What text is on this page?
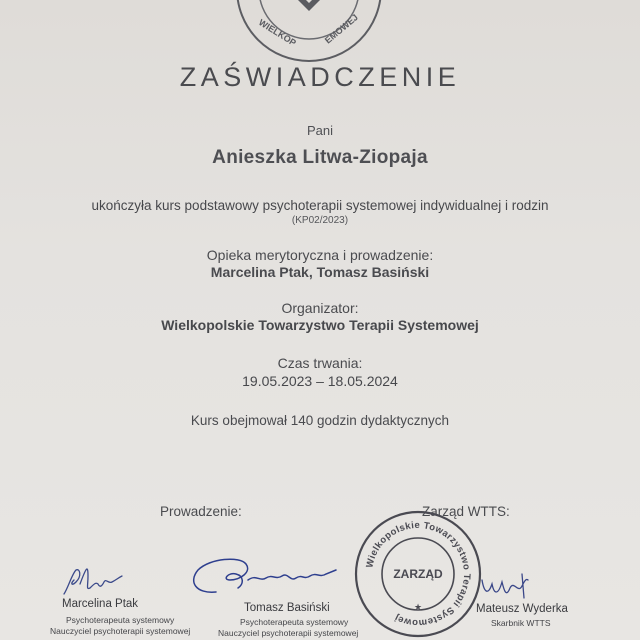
WIELKOP	EMOWEJ
ZAŚWIADCZENIE
Pani
Anieszka Litwa-Ziopaja
ukończyła kurs podstawowy psychoterapii systemowej indywidualnej i rodzin
(KP02/2023)
Opieka merytoryczna i prowadzenie:
Marcelina Ptak, Tomasz Basiński
Organizator:
Wielkopolskie Towarzystwo Terapii Systemowej
Czas trwania:
19.05.2023 – 18.05.2024
Kurs obejmował 140 godzin dydaktycznych
Prowadzenie:	Zarząd WTTS:
Wielkopolskie Towarzystwo Terapii Systemowej
ZARZĄD
★
Marcelina Ptak
Psychoterapeuta systemowy
Nauczyciel psychoterapii systemowej
Tomasz Basiński
Psychoterapeuta systemowy
Nauczyciel psychoterapii systemowej
Mateusz Wyderka
Skarbnik WTTS
